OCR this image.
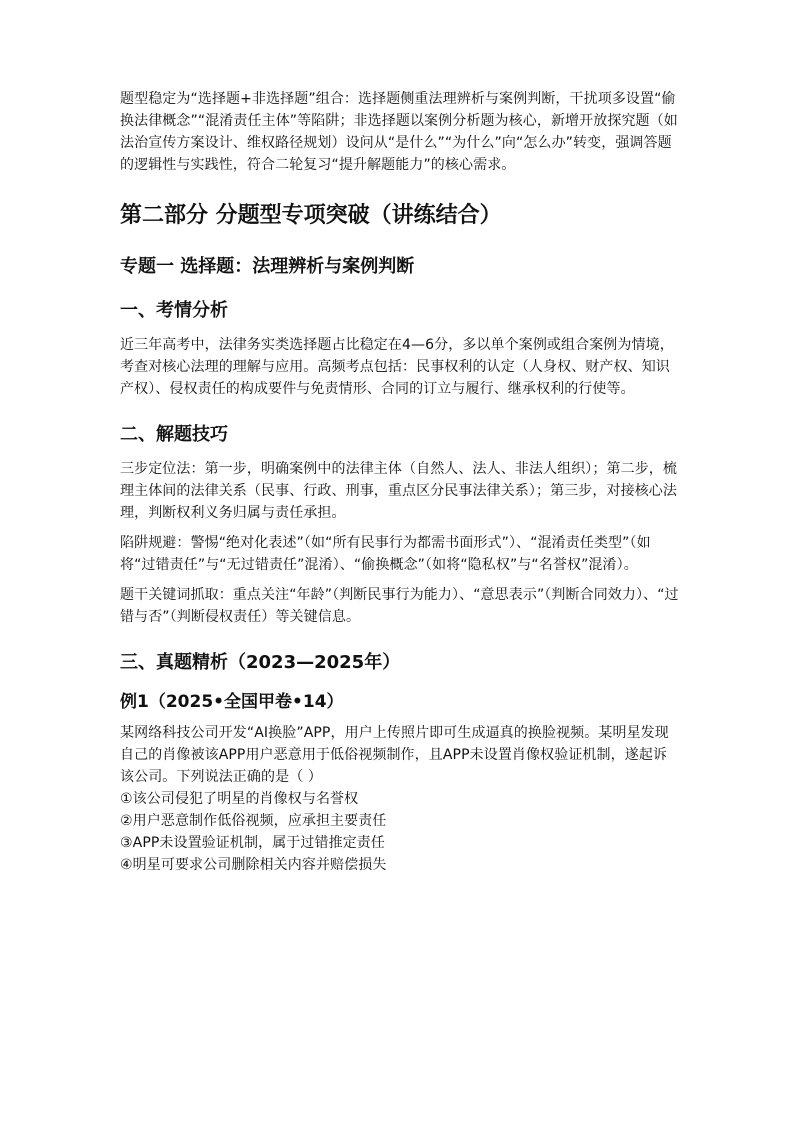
题型稳定为“选择题+非选择题”组合：选择题侧重法理辨析与案例判断，干扰项多设置“偷换法律概念”“混淆责任主体”等陷阱；非选择题以案例分析题为核心，新增开放探究题（如法治宣传方案设计、维权路径规划）设问从“是什么”“为什么”向“怎么办”转变，强调答题的逻辑性与实践性，符合二轮复习“提升解题能力”的核心需求。

第二部分 分题型专项突破（讲练结合）
专题一 选择题：法理辨析与案例判断
一、考情分析

近三年高考中，法律务实类选择题占比稳定在4—6分，多以单个案例或组合案例为情境，考查对核心法理的理解与应用。高频考点包括：民事权利的认定（人身权、财产权、知识产权）、侵权责任的构成要件与免责情形、合同的订立与履行、继承权利的行使等。

二、解题技巧

三步定位法：第一步，明确案例中的法律主体（自然人、法人、非法人组织）；第二步，梳理主体间的法律关系（民事、行政、刑事，重点区分民事法律关系）；第三步，对接核心法理，判断权利义务归属与责任承担。

陷阱规避：警惕“绝对化表述”（如“所有民事行为都需书面形式”）、“混淆责任类型”（如将“过错责任”与“无过错责任”混淆）、“偷换概念”（如将“隐私权”与“名誉权”混淆）。

题干关键词抓取：重点关注“年龄”（判断民事行为能力）、“意思表示”（判断合同效力）、“过错与否”（判断侵权责任）等关键信息。

三、真题精析（2023—2025年）
例1（2025•全国甲卷•14）

某网络科技公司开发“AI换脸”APP，用户上传照片即可生成逼真的换脸视频。某明星发现自己的肖像被该APP用户恶意用于低俗视频制作，且APP未设置肖像权验证机制，遂起诉该公司。下列说法正确的是（ ）

①该公司侵犯了明星的肖像权与名誉权

②用户恶意制作低俗视频，应承担主要责任

③APP未设置验证机制，属于过错推定责任

④明星可要求公司删除相关内容并赔偿损失
